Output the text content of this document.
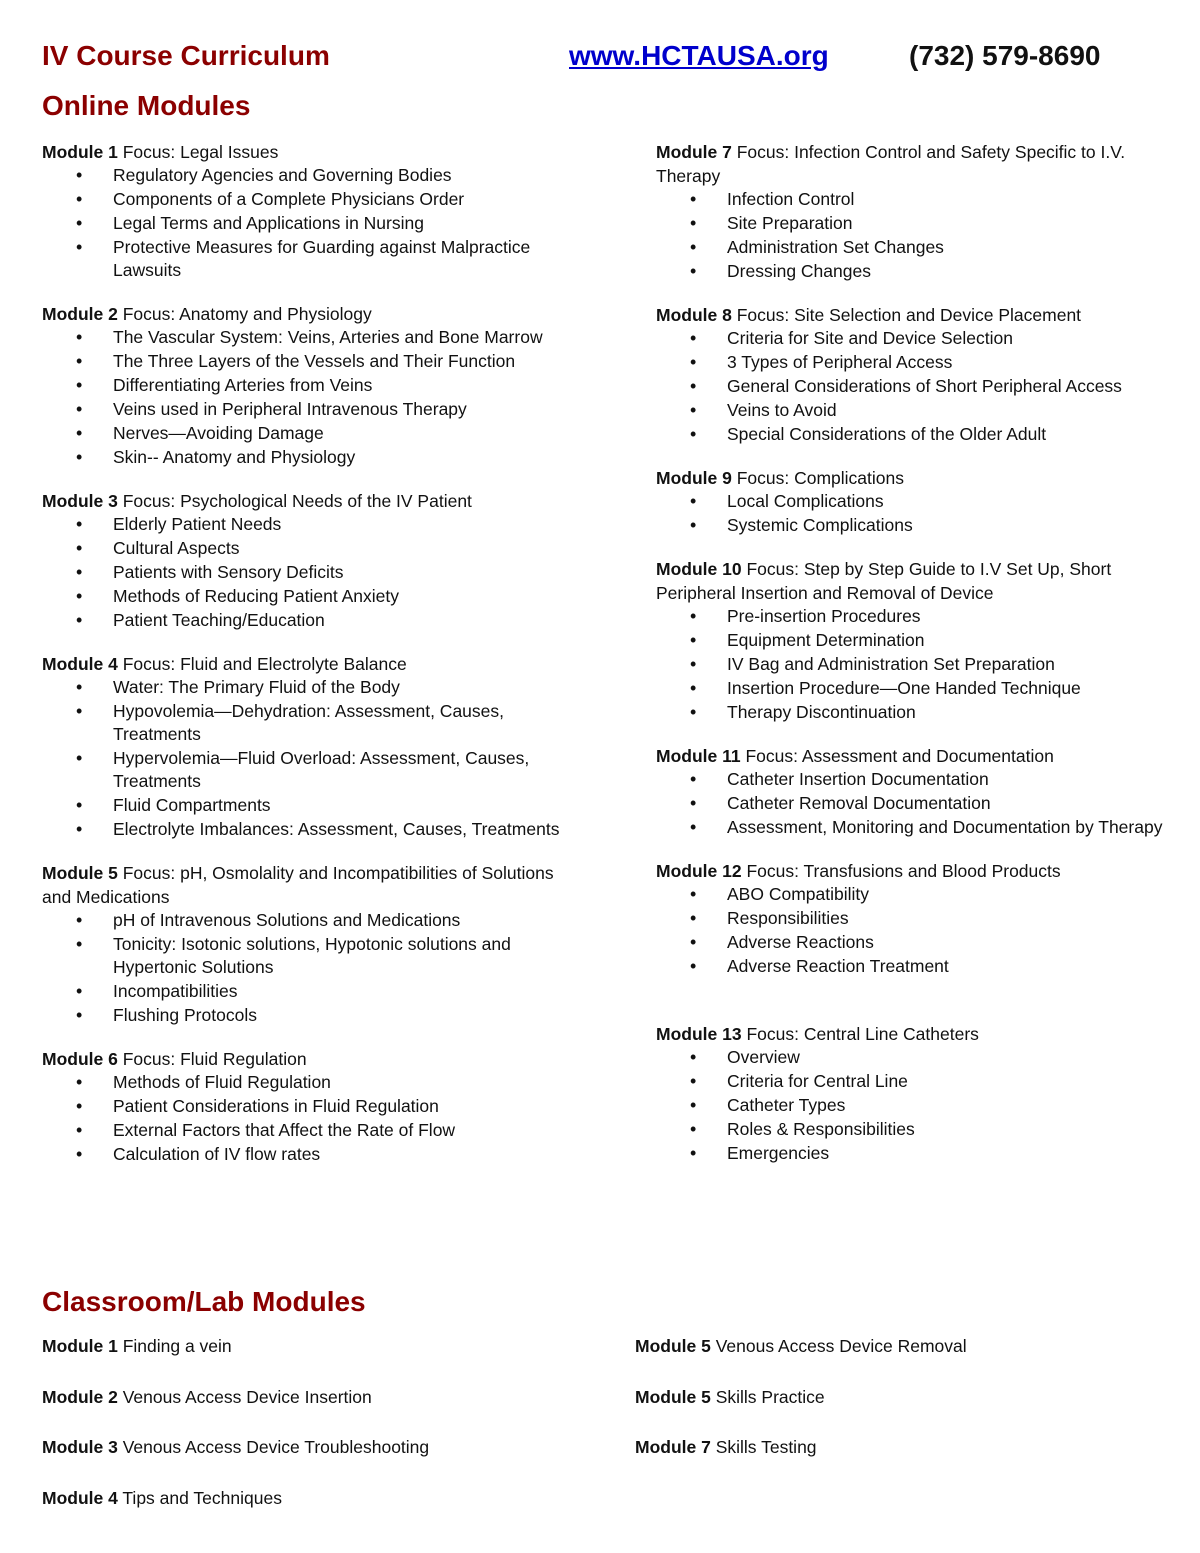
IV Course Curriculum	www.HCTAUSA.org	(732) 579-8690
Online Modules
Module 1 Focus: Legal Issues
• Regulatory Agencies and Governing Bodies
• Components of a Complete Physicians Order
• Legal Terms and Applications in Nursing
• Protective Measures for Guarding against Malpractice Lawsuits
Module 2 Focus: Anatomy and Physiology
• The Vascular System: Veins, Arteries and Bone Marrow
• The Three Layers of the Vessels and Their Function
• Differentiating Arteries from Veins
• Veins used in Peripheral Intravenous Therapy
• Nerves—Avoiding Damage
• Skin-- Anatomy and Physiology
Module 3 Focus: Psychological Needs of the IV Patient
• Elderly Patient Needs
• Cultural Aspects
• Patients with Sensory Deficits
• Methods of Reducing Patient Anxiety
• Patient Teaching/Education
Module 4 Focus: Fluid and Electrolyte Balance
• Water: The Primary Fluid of the Body
• Hypovolemia—Dehydration: Assessment, Causes, Treatments
• Hypervolemia—Fluid Overload: Assessment, Causes, Treatments
• Fluid Compartments
• Electrolyte Imbalances: Assessment, Causes, Treatments
Module 5 Focus: pH, Osmolality and Incompatibilities of Solutions and Medications
• pH of Intravenous Solutions and Medications
• Tonicity: Isotonic solutions, Hypotonic solutions and Hypertonic Solutions
• Incompatibilities
• Flushing Protocols
Module 6 Focus: Fluid Regulation
• Methods of Fluid Regulation
• Patient Considerations in Fluid Regulation
• External Factors that Affect the Rate of Flow
• Calculation of IV flow rates
Module 7 Focus: Infection Control and Safety Specific to I.V. Therapy
• Infection Control
• Site Preparation
• Administration Set Changes
• Dressing Changes
Module 8 Focus: Site Selection and Device Placement
• Criteria for Site and Device Selection
• 3 Types of Peripheral Access
• General Considerations of Short Peripheral Access
• Veins to Avoid
• Special Considerations of the Older Adult
Module 9 Focus: Complications
• Local Complications
• Systemic Complications
Module 10 Focus: Step by Step Guide to I.V Set Up, Short Peripheral Insertion and Removal of Device
• Pre-insertion Procedures
• Equipment Determination
• IV Bag and Administration Set Preparation
• Insertion Procedure—One Handed Technique
• Therapy Discontinuation
Module 11 Focus: Assessment and Documentation
• Catheter Insertion Documentation
• Catheter Removal Documentation
• Assessment, Monitoring and Documentation by Therapy
Module 12 Focus: Transfusions and Blood Products
• ABO Compatibility
• Responsibilities
• Adverse Reactions
• Adverse Reaction Treatment
Module 13 Focus: Central Line Catheters
• Overview
• Criteria for Central Line
• Catheter Types
• Roles & Responsibilities
• Emergencies
Classroom/Lab Modules
Module 1 Finding a vein
Module 2 Venous Access Device Insertion
Module 3 Venous Access Device Troubleshooting
Module 4 Tips and Techniques
Module 5 Venous Access Device Removal
Module 5 Skills Practice
Module 7 Skills Testing
